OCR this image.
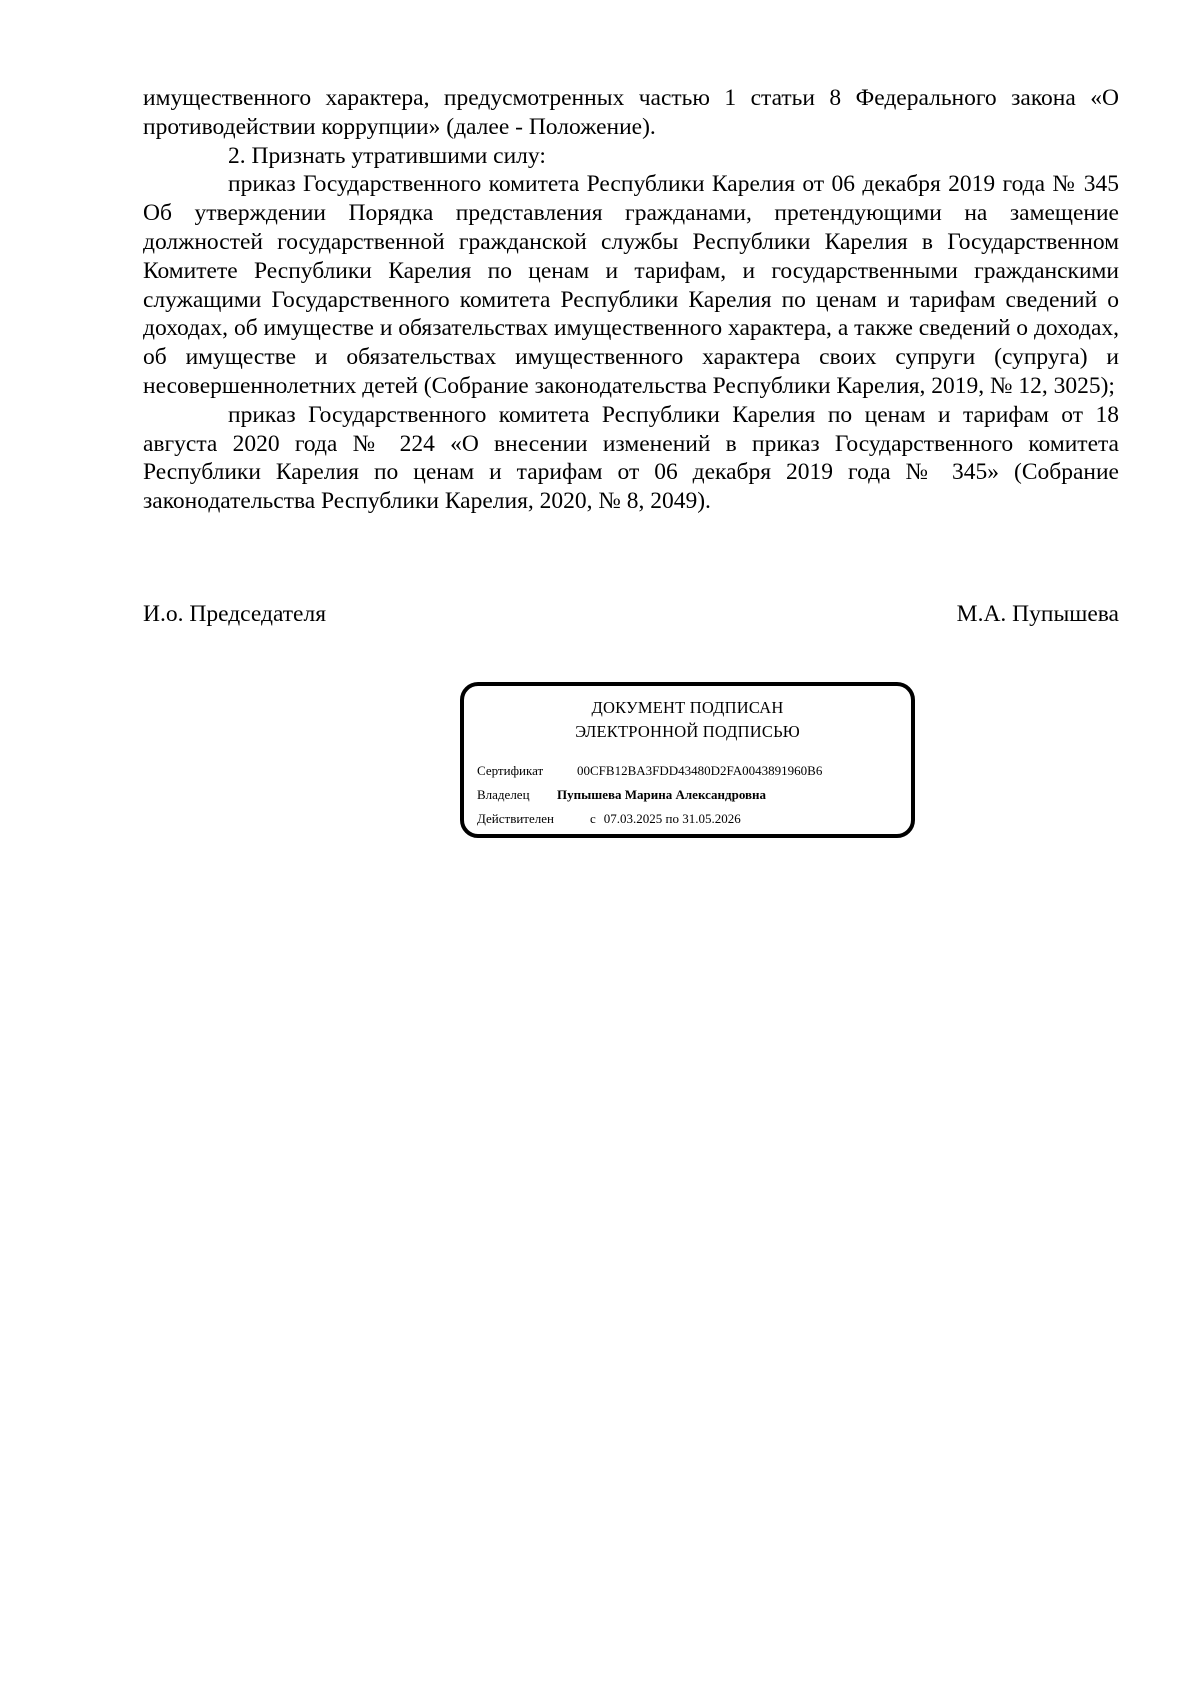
имущественного характера, предусмотренных частью 1 статьи 8 Федерального закона «О противодействии коррупции» (далее - Положение).

2. Признать утратившими силу:

приказ Государственного комитета Республики Карелия от 06 декабря 2019 года № 345 Об утверждении Порядка представления гражданами, претендующими на замещение должностей государственной гражданской службы Республики Карелия в Государственном Комитете Республики Карелия по ценам и тарифам, и государственными гражданскими служащими Государственного комитета Республики Карелия по ценам и тарифам сведений о доходах, об имуществе и обязательствах имущественного характера, а также сведений о доходах, об имуществе и обязательствах имущественного характера своих супруги (супруга) и несовершеннолетних детей (Собрание законодательства Республики Карелия, 2019, № 12, 3025);

приказ Государственного комитета Республики Карелия по ценам и тарифам от 18 августа 2020 года № 224 «О внесении изменений в приказ Государственного комитета Республики Карелия по ценам и тарифам от 06 декабря 2019 года № 345» (Собрание законодательства Республики Карелия, 2020, № 8, 2049).

И.о. Председателя	М.А. Пупышева
ДОКУМЕНТ ПОДПИСАН
ЭЛЕКТРОННОЙ ПОДПИСЬЮ
Сертификат	00CFB12BA3FDD43480D2FA0043891960B6
Владелец Пупышева Марина Александровна
Действителен	с 07.03.2025 по 31.05.2026
